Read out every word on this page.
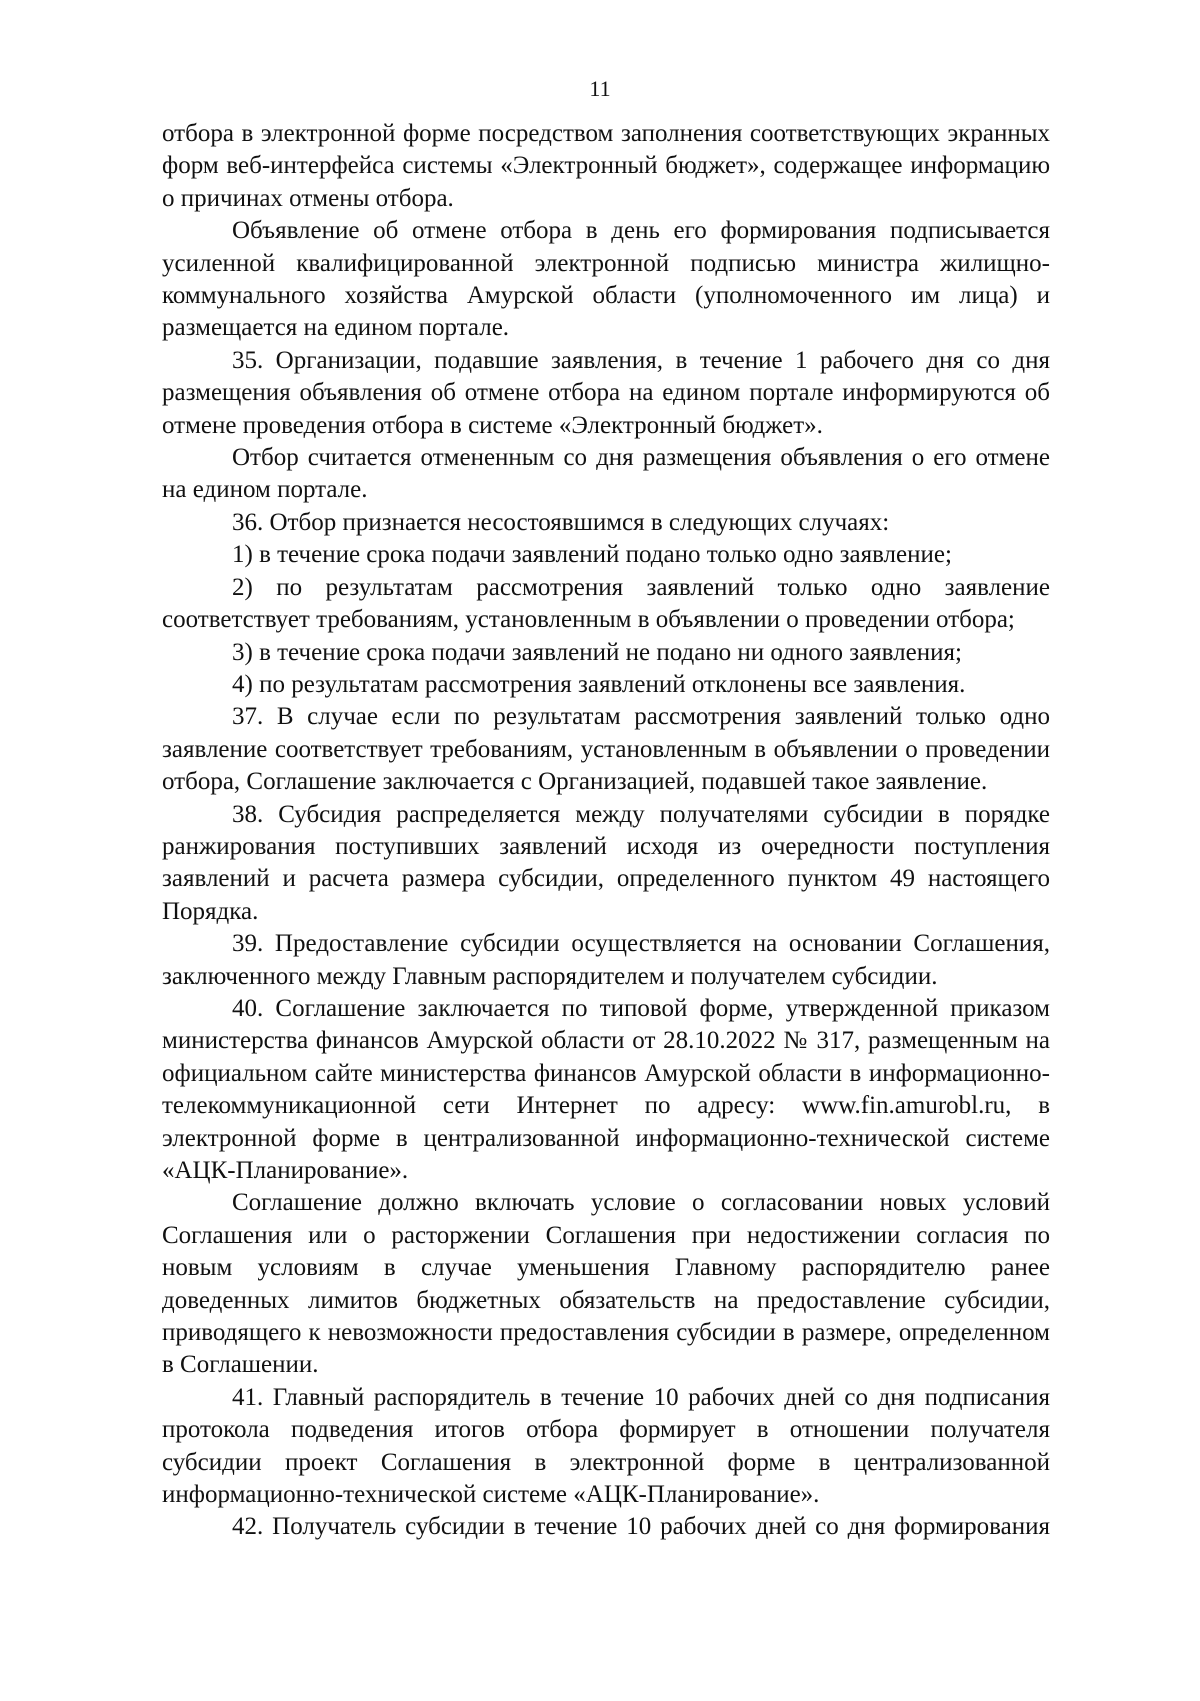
11

отбора в электронной форме посредством заполнения соответствующих экранных форм веб-интерфейса системы «Электронный бюджет», содержащее информацию о причинах отмены отбора.

Объявление об отмене отбора в день его формирования подписывается усиленной квалифицированной электронной подписью министра жилищно-коммунального хозяйства Амурской области (уполномоченного им лица) и размещается на едином портале.

35. Организации, подавшие заявления, в течение 1 рабочего дня со дня размещения объявления об отмене отбора на едином портале информируются об отмене проведения отбора в системе «Электронный бюджет».

Отбор считается отмененным со дня размещения объявления о его отмене на едином портале.

36. Отбор признается несостоявшимся в следующих случаях:

1) в течение срока подачи заявлений подано только одно заявление;

2) по результатам рассмотрения заявлений только одно заявление соответствует требованиям, установленным в объявлении о проведении отбора;

3) в течение срока подачи заявлений не подано ни одного заявления;

4) по результатам рассмотрения заявлений отклонены все заявления.

37. В случае если по результатам рассмотрения заявлений только одно заявление соответствует требованиям, установленным в объявлении о проведении отбора, Соглашение заключается с Организацией, подавшей такое заявление.

38. Субсидия распределяется между получателями субсидии в порядке ранжирования поступивших заявлений исходя из очередности поступления заявлений и расчета размера субсидии, определенного пунктом 49 настоящего Порядка.

39. Предоставление субсидии осуществляется на основании Соглашения, заключенного между Главным распорядителем и получателем субсидии.

40. Соглашение заключается по типовой форме, утвержденной приказом министерства финансов Амурской области от 28.10.2022 № 317, размещенным на официальном сайте министерства финансов Амурской области в информационно-телекоммуникационной сети Интернет по адресу: www.fin.amurobl.ru, в электронной форме в централизованной информационно-технической системе «АЦК-Планирование».

Соглашение должно включать условие о согласовании новых условий Соглашения или о расторжении Соглашения при недостижении согласия по новым условиям в случае уменьшения Главному распорядителю ранее доведенных лимитов бюджетных обязательств на предоставление субсидии, приводящего к невозможности предоставления субсидии в размере, определенном в Соглашении.

41. Главный распорядитель в течение 10 рабочих дней со дня подписания протокола подведения итогов отбора формирует в отношении получателя субсидии проект Соглашения в электронной форме в централизованной информационно-технической системе «АЦК-Планирование».

42. Получатель субсидии в течение 10 рабочих дней со дня формирования
